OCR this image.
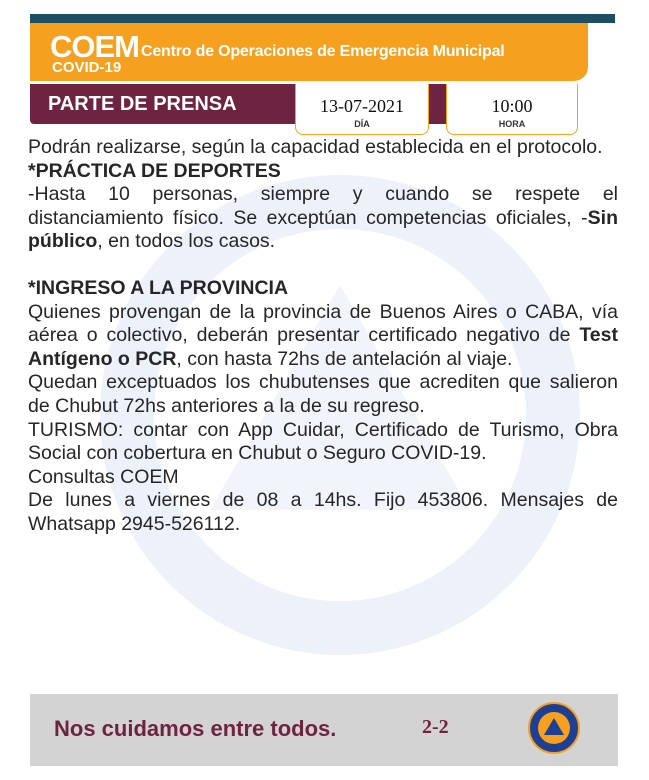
COEM
COVID-19
Centro de Operaciones de Emergencia Municipal
PARTE DE PRENSA	13-07-2021
DÍA
10:00
HORA

Podrán realizarse, según la capacidad establecida en el protocolo.

*PRÁCTICA DE DEPORTES

-Hasta 10 personas, siempre y cuando se respete el distanciamiento físico. Se exceptúan competencias oficiales, -Sin público, en todos los casos.

*INGRESO A LA PROVINCIA

Quienes provengan de la provincia de Buenos Aires o CABA, vía aérea o colectivo, deberán presentar certificado negativo de Test Antígeno o PCR, con hasta 72hs de antelación al viaje.

Quedan exceptuados los chubutenses que acrediten que salieron de Chubut 72hs anteriores a la de su regreso.

TURISMO: contar con App Cuidar, Certificado de Turismo, Obra Social con cobertura en Chubut o Seguro COVID-19.

Consultas COEM

De lunes a viernes de 08 a 14hs. Fijo 453806. Mensajes de Whatsapp 2945-526112.

Nos cuidamos entre todos.	2-2
